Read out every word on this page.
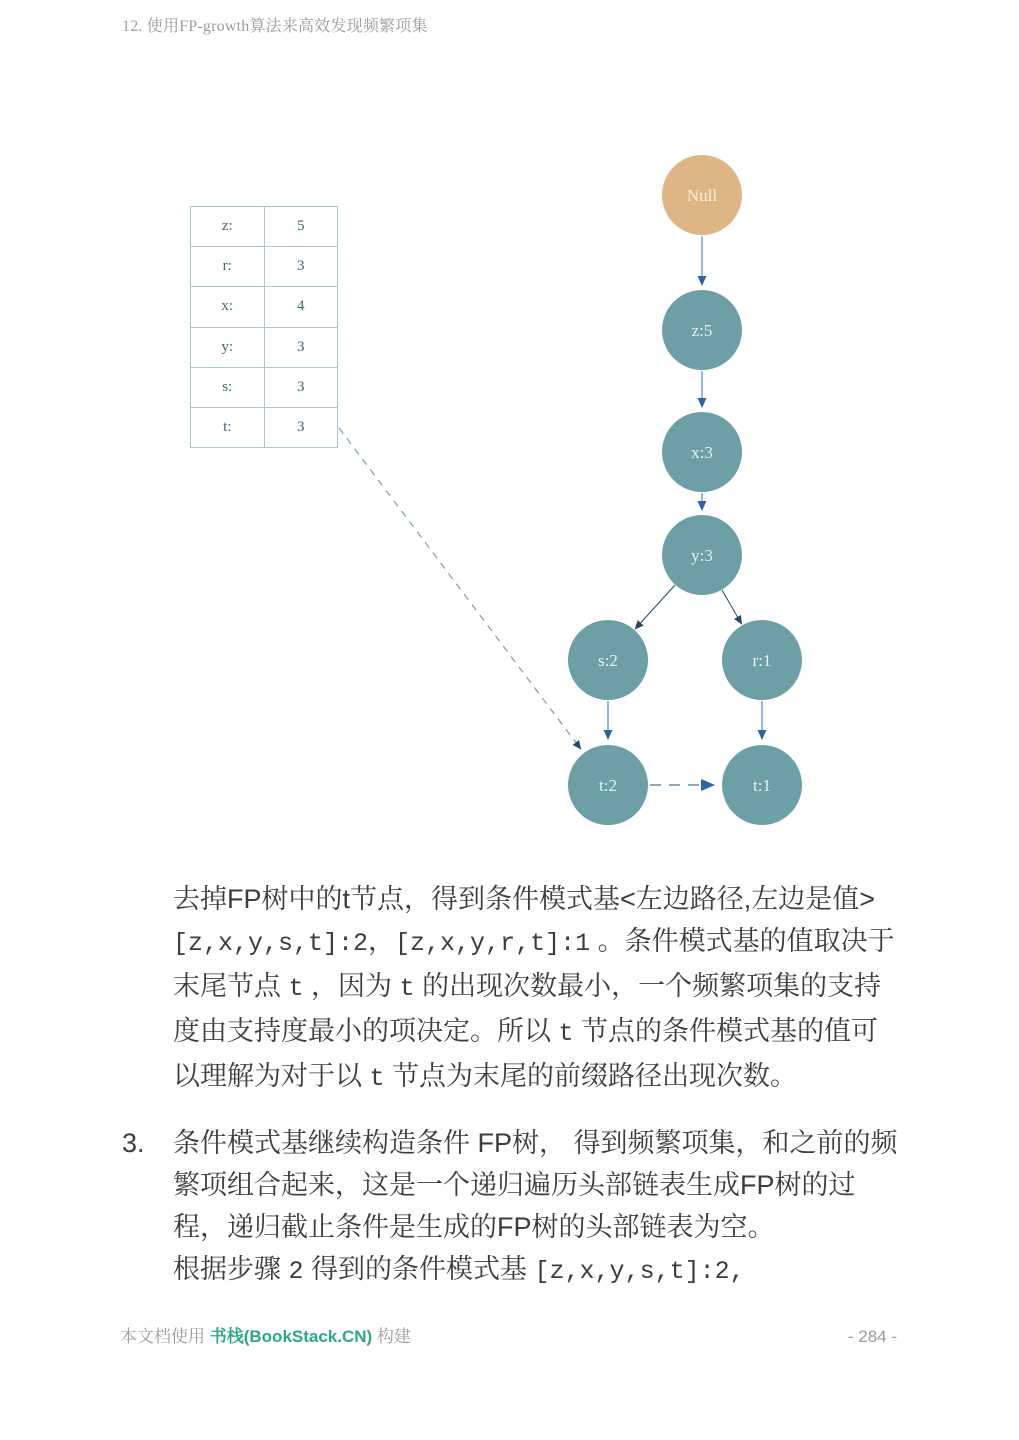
12. 使用FP-growth算法来高效发现频繁项集
Null
z:5
x:3
y:3
s:2	r:1
t:2	t:1
z:	5
r:	3
x:	4
y:	3
s:	3
t:	3

去掉FP树中的t节点，得到条件模式基<左边路径,左边是值>[z,x,y,s,t]:2，[z,x,y,r,t]:1 。条件模式基的值取决于末尾节点 t ，因为 t 的出现次数最小，一个频繁项集的支持度由支持度最小的项决定。所以 t 节点的条件模式基的值可以理解为对于以 t 节点为末尾的前缀路径出现次数。

3.	条件模式基继续构造条件 FP树， 得到频繁项集，和之前的频繁项组合起来，这是一个递归遍历头部链表生成FP树的过程，递归截止条件是生成的FP树的头部链表为空。

根据步骤 2 得到的条件模式基 [z,x,y,s,t]:2,

本文档使用 书栈(BookStack.CN) 构建	- 284 -
